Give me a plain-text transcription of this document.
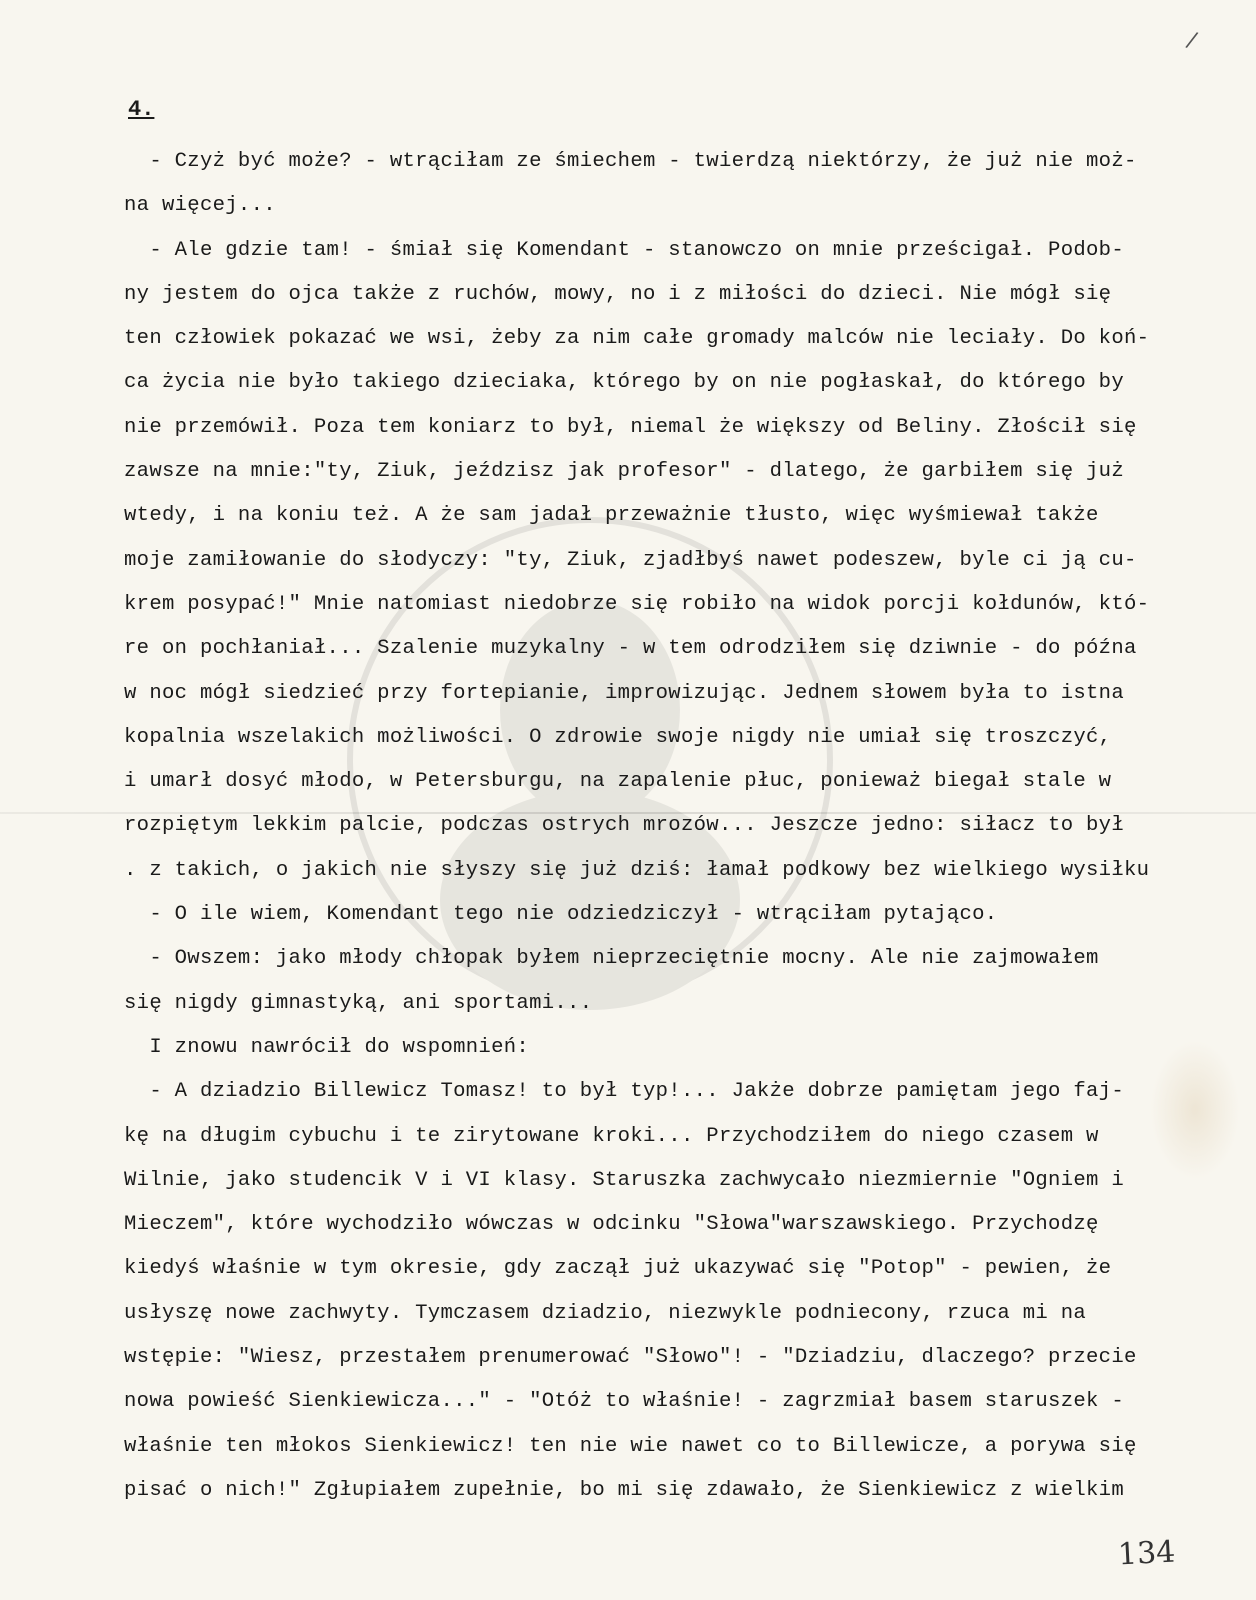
/
4.
- Czyż być może? - wtrąciłam ze śmiechem - twierdzą niektórzy, że już nie moż-
na więcej...
- Ale gdzie tam! - śmiał się Komendant - stanowczo on mnie prześcigał. Podob-
ny jestem do ojca także z ruchów, mowy, no i z miłości do dzieci. Nie mógł się
ten człowiek pokazać we wsi, żeby za nim całe gromady malców nie leciały. Do koń-
ca życia nie było takiego dzieciaka, którego by on nie pogłaskał, do którego by
nie przemówił. Poza tem koniarz to był, niemal że większy od Beliny. Złościł się
zawsze na mnie:"ty, Ziuk, jeździsz jak profesor" - dlatego, że garbiłem się już
wtedy, i na koniu też. A że sam jadał przeważnie tłusto, więc wyśmiewał także
moje zamiłowanie do słodyczy: "ty, Ziuk, zjadłbyś nawet podeszew, byle ci ją cu-
krem posypać!" Mnie natomiast niedobrze się robiło na widok porcji kołdunów, któ-
re on pochłaniał... Szalenie muzykalny - w tem odrodziłem się dziwnie - do późna
w noc mógł siedzieć przy fortepianie, improwizując. Jednem słowem była to istna
kopalnia wszelakich możliwości. O zdrowie swoje nigdy nie umiał się troszczyć,
i umarł dosyć młodo, w Petersburgu, na zapalenie płuc, ponieważ biegał stale w
rozpiętym lekkim palcie, podczas ostrych mrozów... Jeszcze jedno: siłacz to był
. z takich, o jakich nie słyszy się już dziś: łamał podkowy bez wielkiego wysiłku
- O ile wiem, Komendant tego nie odziedziczył - wtrąciłam pytająco.
- Owszem: jako młody chłopak byłem nieprzeciętnie mocny. Ale nie zajmowałem
się nigdy gimnastyką, ani sportami...
I znowu nawrócił do wspomnień:
- A dziadzio Billewicz Tomasz! to był typ!... Jakże dobrze pamiętam jego faj-
kę na długim cybuchu i te zirytowane kroki... Przychodziłem do niego czasem w
Wilnie, jako studencik V i VI klasy. Staruszka zachwycało niezmiernie "Ogniem i
Mieczem", które wychodziło wówczas w odcinku "Słowa"warszawskiego. Przychodzę
kiedyś właśnie w tym okresie, gdy zaczął już ukazywać się "Potop" - pewien, że
usłyszę nowe zachwyty. Tymczasem dziadzio, niezwykle podniecony, rzuca mi na
wstępie: "Wiesz, przestałem prenumerować "Słowo"! - "Dziadziu, dlaczego? przecie
nowa powieść Sienkiewicza..." - "Otóż to właśnie! - zagrzmiał basem staruszek -
właśnie ten młokos Sienkiewicz! ten nie wie nawet co to Billewicze, a porywa się
pisać o nich!" Zgłupiałem zupełnie, bo mi się zdawało, że Sienkiewicz z wielkim
134
